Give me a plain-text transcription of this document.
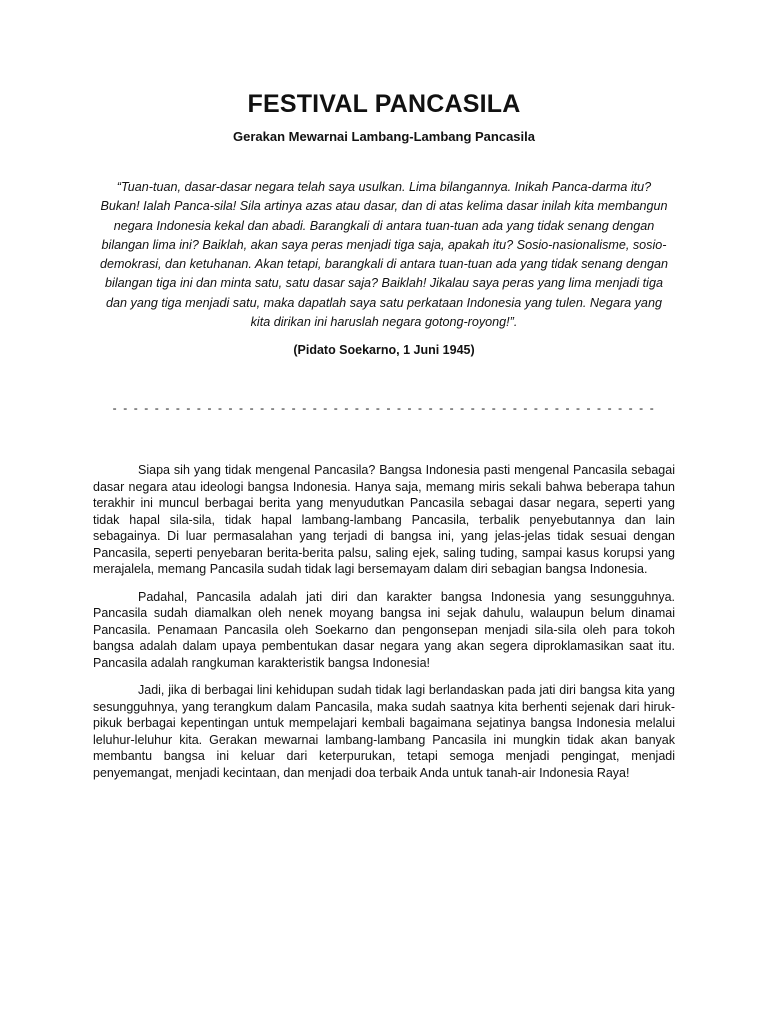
FESTIVAL PANCASILA
Gerakan Mewarnai Lambang-Lambang Pancasila
“Tuan-tuan, dasar-dasar negara telah saya usulkan. Lima bilangannya. Inikah Panca-darma itu? Bukan! Ialah Panca-sila! Sila artinya azas atau dasar, dan di atas kelima dasar inilah kita membangun negara Indonesia kekal dan abadi. Barangkali di antara tuan-tuan ada yang tidak senang dengan bilangan lima ini? Baiklah, akan saya peras menjadi tiga saja, apakah itu? Sosio-nasionalisme, sosio-demokrasi, dan ketuhanan. Akan tetapi, barangkali di antara tuan-tuan ada yang tidak senang dengan bilangan tiga ini dan minta satu, satu dasar saja? Baiklah! Jikalau saya peras yang lima menjadi tiga dan yang tiga menjadi satu, maka dapatlah saya satu perkataan Indonesia yang tulen. Negara yang kita dirikan ini haruslah negara gotong-royong!”.
(Pidato Soekarno, 1 Juni 1945)
- - - - - - - - - - - - - - - - - - - - - - - - - - - - - - - - - - - - - - - - - - - - - - - - - - - -

Siapa sih yang tidak mengenal Pancasila? Bangsa Indonesia pasti mengenal Pancasila sebagai dasar negara atau ideologi bangsa Indonesia. Hanya saja, memang miris sekali bahwa beberapa tahun terakhir ini muncul berbagai berita yang menyudutkan Pancasila sebagai dasar negara, seperti yang tidak hapal sila-sila, tidak hapal lambang-lambang Pancasila, terbalik penyebutannya dan lain sebagainya. Di luar permasalahan yang terjadi di bangsa ini, yang jelas-jelas tidak sesuai dengan Pancasila, seperti penyebaran berita-berita palsu, saling ejek, saling tuding, sampai kasus korupsi yang merajalela, memang Pancasila sudah tidak lagi bersemayam dalam diri sebagian bangsa Indonesia.

Padahal, Pancasila adalah jati diri dan karakter bangsa Indonesia yang sesungguhnya. Pancasila sudah diamalkan oleh nenek moyang bangsa ini sejak dahulu, walaupun belum dinamai Pancasila. Penamaan Pancasila oleh Soekarno dan pengonsepan menjadi sila-sila oleh para tokoh bangsa adalah dalam upaya pembentukan dasar negara yang akan segera diproklamasikan saat itu. Pancasila adalah rangkuman karakteristik bangsa Indonesia!

Jadi, jika di berbagai lini kehidupan sudah tidak lagi berlandaskan pada jati diri bangsa kita yang sesungguhnya, yang terangkum dalam Pancasila, maka sudah saatnya kita berhenti sejenak dari hiruk-pikuk berbagai kepentingan untuk mempelajari kembali bagaimana sejatinya bangsa Indonesia melalui leluhur-leluhur kita. Gerakan mewarnai lambang-lambang Pancasila ini mungkin tidak akan banyak membantu bangsa ini keluar dari keterpurukan, tetapi semoga menjadi pengingat, menjadi penyemangat, menjadi kecintaan, dan menjadi doa terbaik Anda untuk tanah-air Indonesia Raya!
